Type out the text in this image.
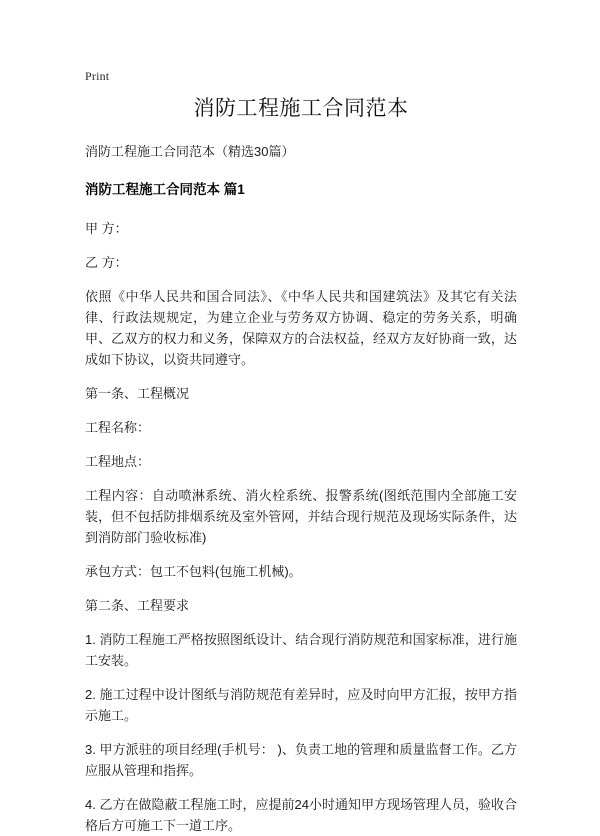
Print
消防工程施工合同范本

消防工程施工合同范本（精选30篇）

消防工程施工合同范本 篇1

甲 方：

乙 方：

依照《中华人民共和国合同法》、《中华人民共和国建筑法》及其它有关法律、行政法规规定，为建立企业与劳务双方协调、稳定的劳务关系，明确甲、乙双方的权力和义务，保障双方的合法权益，经双方友好协商一致，达成如下协议，以资共同遵守。

第一条、工程概况

工程名称：

工程地点：

工程内容：自动喷淋系统、消火栓系统、报警系统(图纸范围内全部施工安装，但不包括防排烟系统及室外管网，并结合现行规范及现场实际条件，达到消防部门验收标准)

承包方式：包工不包料(包施工机械)。

第二条、工程要求

1. 消防工程施工严格按照图纸设计、结合现行消防规范和国家标准，进行施工安装。

2. 施工过程中设计图纸与消防规范有差异时，应及时向甲方汇报，按甲方指示施工。

3. 甲方派驻的项目经理(手机号： )、负责工地的管理和质量监督工作。乙方应服从管理和指挥。

4. 乙方在做隐蔽工程施工时，应提前24小时通知甲方现场管理人员，验收合格后方可施工下一道工序。
